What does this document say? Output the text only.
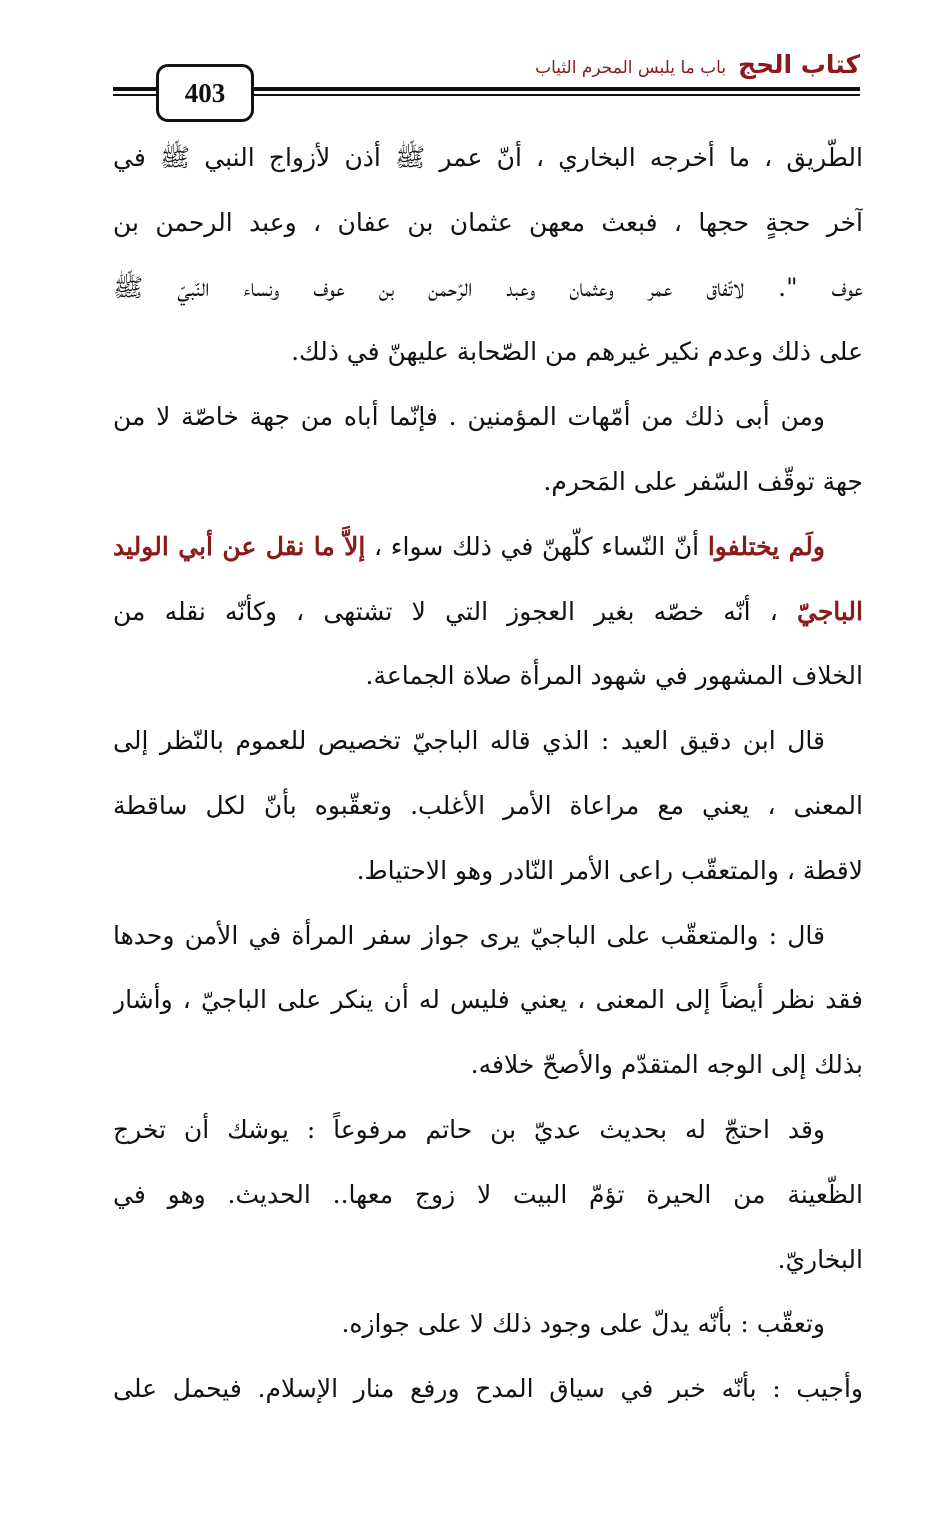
403
كتاب الحج
باب ما يلبس المحرم الثياب
الطّريق ، ما أخرجه البخاري ، أنّ عمر ﷺ أذن لأزواج النبي ﷺ في
آخر حجةٍ حجها ، فبعث معهن عثمان بن عفان ، وعبد الرحمن بن
عوف ". لاتّفاق عمر وعثمان وعبد الرّحمن بن عوف ونساء النّبيّ ﷺ
على ذلك وعدم نكير غيرهم من الصّحابة عليهنّ في ذلك.
ومن أبى ذلك من أمّهات المؤمنين . فإنّما أباه من جهة خاصّة لا من
جهة توقّف السّفر على المَحرم.
ولَم يختلفوا أنّ النّساء كلّهنّ في ذلك سواء ، إلاَّ ما نقل عن أبي الوليد
الباجيّ ، أنّه خصّه بغير العجوز التي لا تشتهى ، وكأنّه نقله من
الخلاف المشهور في شهود المرأة صلاة الجماعة.
قال ابن دقيق العيد : الذي قاله الباجيّ تخصيص للعموم بالنّظر إلى
المعنى ، يعني مع مراعاة الأمر الأغلب. وتعقّبوه بأنّ لكل ساقطة
لاقطة ، والمتعقّب راعى الأمر النّادر وهو الاحتياط.
قال : والمتعقّب على الباجيّ يرى جواز سفر المرأة في الأمن وحدها
فقد نظر أيضاً إلى المعنى ، يعني فليس له أن ينكر على الباجيّ ، وأشار
بذلك إلى الوجه المتقدّم والأصحّ خلافه.
وقد احتجّ له بحديث عديّ بن حاتم مرفوعاً : يوشك أن تخرج
الظّعينة من الحيرة تؤمّ البيت لا زوج معها.. الحديث. وهو في
البخاريّ.
وتعقّب : بأنّه يدلّ على وجود ذلك لا على جوازه.
وأجيب : بأنّه خبر في سياق المدح ورفع منار الإسلام. فيحمل على
